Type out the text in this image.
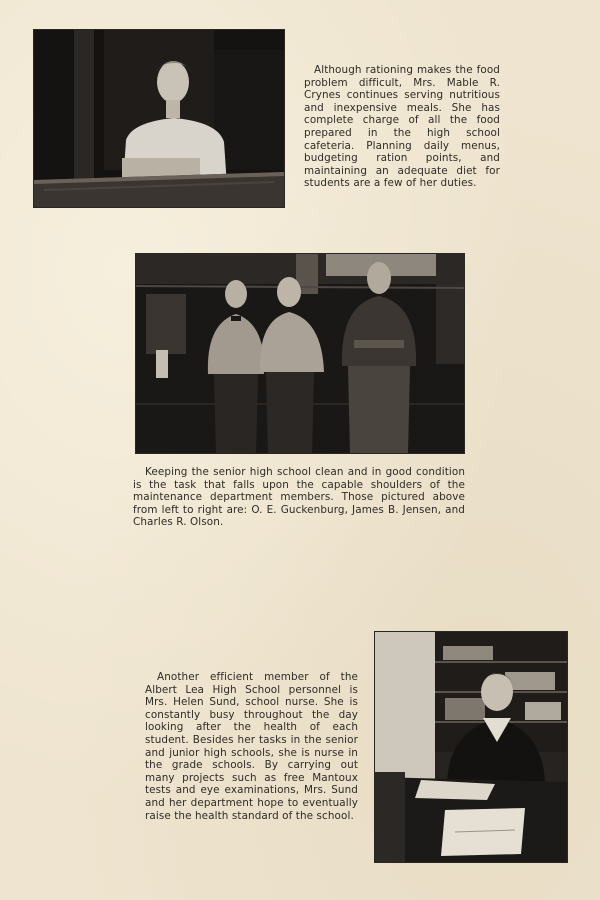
Although rationing makes the food problem difficult, Mrs. Mable R. Crynes continues serving nutritious and inexpensive meals. She has complete charge of all the food prepared in the high school cafeteria. Planning daily menus, budgeting ration points, and maintaining an adequate diet for students are a few of her duties.

Keeping the senior high school clean and in good condition is the task that falls upon the capable shoulders of the maintenance department members. Those pictured above from left to right are: O. E. Guckenburg, James B. Jensen, and Charles R. Olson.

Another efficient member of the Albert Lea High School personnel is Mrs. Helen Sund, school nurse. She is constantly busy throughout the day looking after the health of each student. Besides her tasks in the senior and junior high schools, she is nurse in the grade schools. By carrying out many projects such as free Mantoux tests and eye examinations, Mrs. Sund and her department hope to eventually raise the health standard of the school.
